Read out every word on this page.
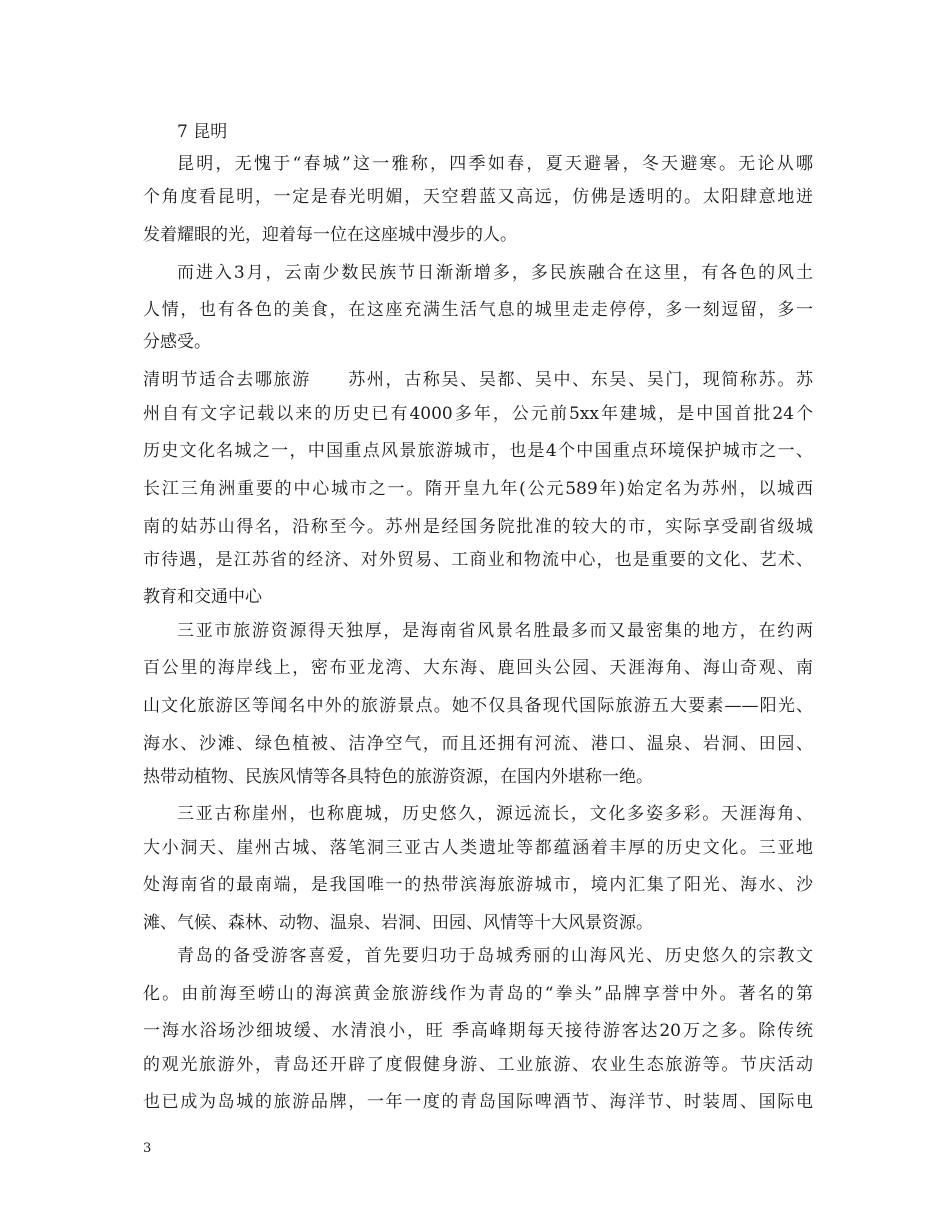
7 昆明
昆明，无愧于“春城”这一雅称，四季如春，夏天避暑，冬天避寒。无论从哪
个角度看昆明，一定是春光明媚，天空碧蓝又高远，仿佛是透明的。太阳肆意地迸
发着耀眼的光，迎着每一位在这座城中漫步的人。
而进入3月，云南少数民族节日渐渐增多，多民族融合在这里，有各色的风土
人情，也有各色的美食，在这座充满生活气息的城里走走停停，多一刻逗留，多一
分感受。
清明节适合去哪旅游　　苏州，古称吴、吴都、吴中、东吴、吴门，现简称苏。苏
州自有文字记载以来的历史已有4000多年，公元前5xx年建城，是中国首批24个
历史文化名城之一，中国重点风景旅游城市，也是4个中国重点环境保护城市之一、
长江三角洲重要的中心城市之一。隋开皇九年(公元589年)始定名为苏州，以城西
南的姑苏山得名，沿称至今。苏州是经国务院批准的较大的市，实际享受副省级城
市待遇，是江苏省的经济、对外贸易、工商业和物流中心，也是重要的文化、艺术、
教育和交通中心
三亚市旅游资源得天独厚，是海南省风景名胜最多而又最密集的地方，在约两
百公里的海岸线上，密布亚龙湾、大东海、鹿回头公园、天涯海角、海山奇观、南
山文化旅游区等闻名中外的旅游景点。她不仅具备现代国际旅游五大要素——阳光、
海水、沙滩、绿色植被、洁净空气，而且还拥有河流、港口、温泉、岩洞、田园、
热带动植物、民族风情等各具特色的旅游资源，在国内外堪称一绝。
三亚古称崖州，也称鹿城，历史悠久，源远流长，文化多姿多彩。天涯海角、
大小洞天、崖州古城、落笔洞三亚古人类遗址等都蕴涵着丰厚的历史文化。三亚地
处海南省的最南端，是我国唯一的热带滨海旅游城市，境内汇集了阳光、海水、沙
滩、气候、森林、动物、温泉、岩洞、田园、风情等十大风景资源。
青岛的备受游客喜爱，首先要归功于岛城秀丽的山海风光、历史悠久的宗教文
化。由前海至崂山的海滨黄金旅游线作为青岛的“拳头”品牌享誉中外。著名的第
一海水浴场沙细坡缓、水清浪小，旺 季高峰期每天接待游客达20万之多。除传统
的观光旅游外，青岛还开辟了度假健身游、工业旅游、农业生态旅游等。节庆活动
也已成为岛城的旅游品牌，一年一度的青岛国际啤酒节、海洋节、时装周、国际电
3
